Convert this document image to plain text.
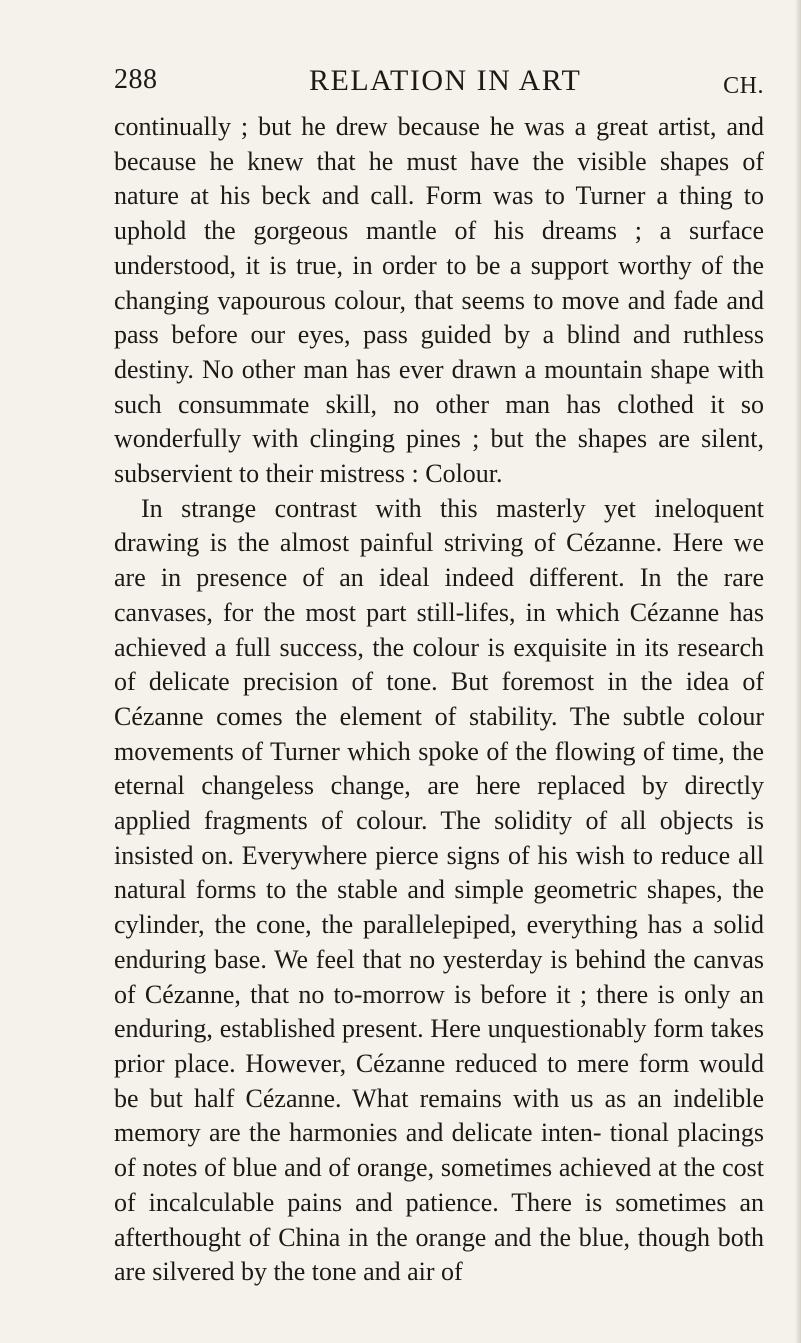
288	RELATION IN ART	CH.

continually ; but he drew because he was a great artist, and because he knew that he must have the visible shapes of nature at his beck and call. Form was to Turner a thing to uphold the gorgeous mantle of his dreams ; a surface understood, it is true, in order to be a support worthy of the changing vapourous colour, that seems to move and fade and pass before our eyes, pass guided by a blind and ruthless destiny. No other man has ever drawn a mountain shape with such consummate skill, no other man has clothed it so wonderfully with clinging pines ; but the shapes are silent, subservient to their mistress : Colour.

In strange contrast with this masterly yet ineloquent drawing is the almost painful striving of Cézanne. Here we are in presence of an ideal indeed different. In the rare canvases, for the most part still-lifes, in which Cézanne has achieved a full success, the colour is exquisite in its research of delicate precision of tone. But foremost in the idea of Cézanne comes the element of stability. The subtle colour movements of Turner which spoke of the flowing of time, the eternal changeless change, are here replaced by directly applied fragments of colour. The solidity of all objects is insisted on. Everywhere pierce signs of his wish to reduce all natural forms to the stable and simple geometric shapes, the cylinder, the cone, the parallelepiped, everything has a solid enduring base. We feel that no yesterday is behind the canvas of Cézanne, that no to-morrow is before it ; there is only an enduring, established present. Here unquestionably form takes prior place. However, Cézanne reduced to mere form would be but half Cézanne. What remains with us as an indelible memory are the harmonies and delicate inten- tional placings of notes of blue and of orange, sometimes achieved at the cost of incalculable pains and patience. There is sometimes an afterthought of China in the orange and the blue, though both are silvered by the tone and air of
